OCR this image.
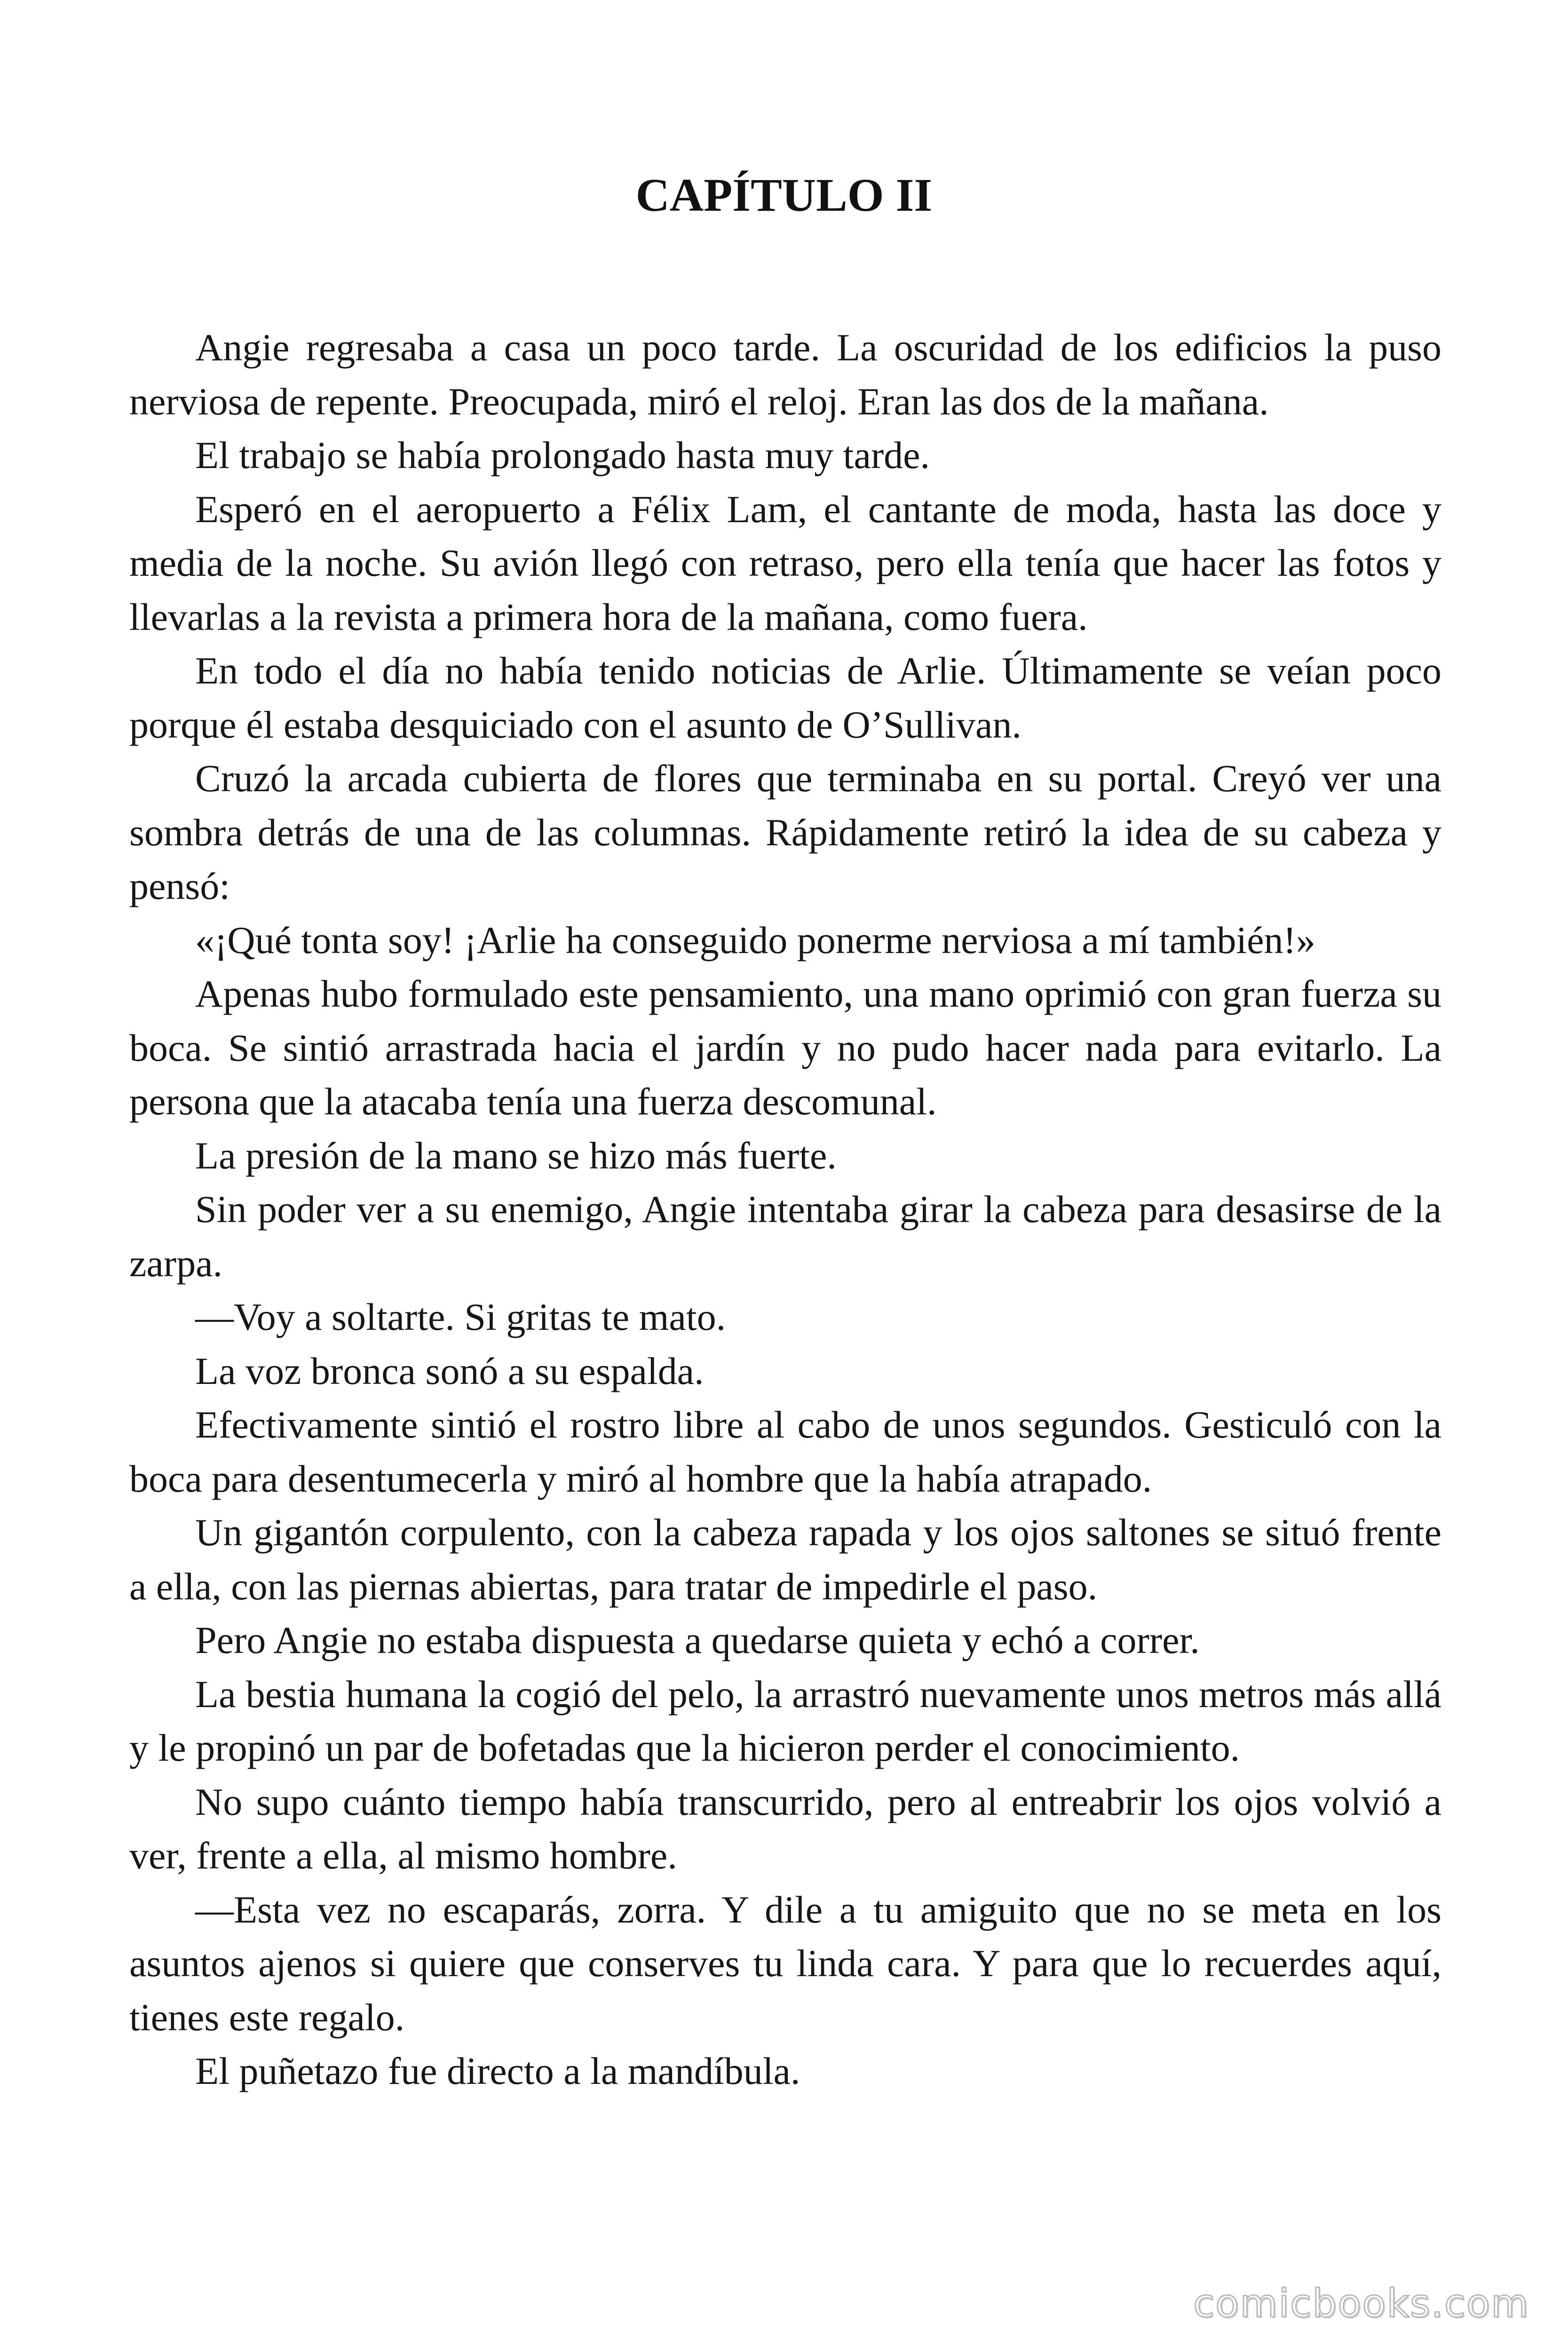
CAPÍTULO II

Angie regresaba a casa un poco tarde. La oscuridad de los edificios la puso nerviosa de repente. Preocupada, miró el reloj. Eran las dos de la mañana.

El trabajo se había prolongado hasta muy tarde.

Esperó en el aeropuerto a Félix Lam, el cantante de moda, hasta las doce y media de la noche. Su avión llegó con retraso, pero ella tenía que hacer las fotos y llevarlas a la revista a primera hora de la mañana, como fuera.

En todo el día no había tenido noticias de Arlie. Últimamente se veían poco porque él estaba desquiciado con el asunto de O’Sullivan.

Cruzó la arcada cubierta de flores que terminaba en su portal. Creyó ver una sombra detrás de una de las columnas. Rápidamente retiró la idea de su cabeza y pensó:

«¡Qué tonta soy! ¡Arlie ha conseguido ponerme nerviosa a mí también!»

Apenas hubo formulado este pensamiento, una mano oprimió con gran fuerza su boca. Se sintió arrastrada hacia el jardín y no pudo hacer nada para evitarlo. La persona que la atacaba tenía una fuerza descomunal.

La presión de la mano se hizo más fuerte.

Sin poder ver a su enemigo, Angie intentaba girar la cabeza para desasirse de la zarpa.

—Voy a soltarte. Si gritas te mato.

La voz bronca sonó a su espalda.

Efectivamente sintió el rostro libre al cabo de unos segundos. Gesticuló con la boca para desentumecerla y miró al hombre que la había atrapado.

Un gigantón corpulento, con la cabeza rapada y los ojos saltones se situó frente a ella, con las piernas abiertas, para tratar de impedirle el paso.

Pero Angie no estaba dispuesta a quedarse quieta y echó a correr.

La bestia humana la cogió del pelo, la arrastró nuevamente unos metros más allá y le propinó un par de bofetadas que la hicieron perder el conocimiento.

No supo cuánto tiempo había transcurrido, pero al entreabrir los ojos volvió a ver, frente a ella, al mismo hombre.

—Esta vez no escaparás, zorra. Y dile a tu amiguito que no se meta en los asuntos ajenos si quiere que conserves tu linda cara. Y para que lo recuerdes aquí, tienes este regalo.

El puñetazo fue directo a la mandíbula.

comicbooks.com
